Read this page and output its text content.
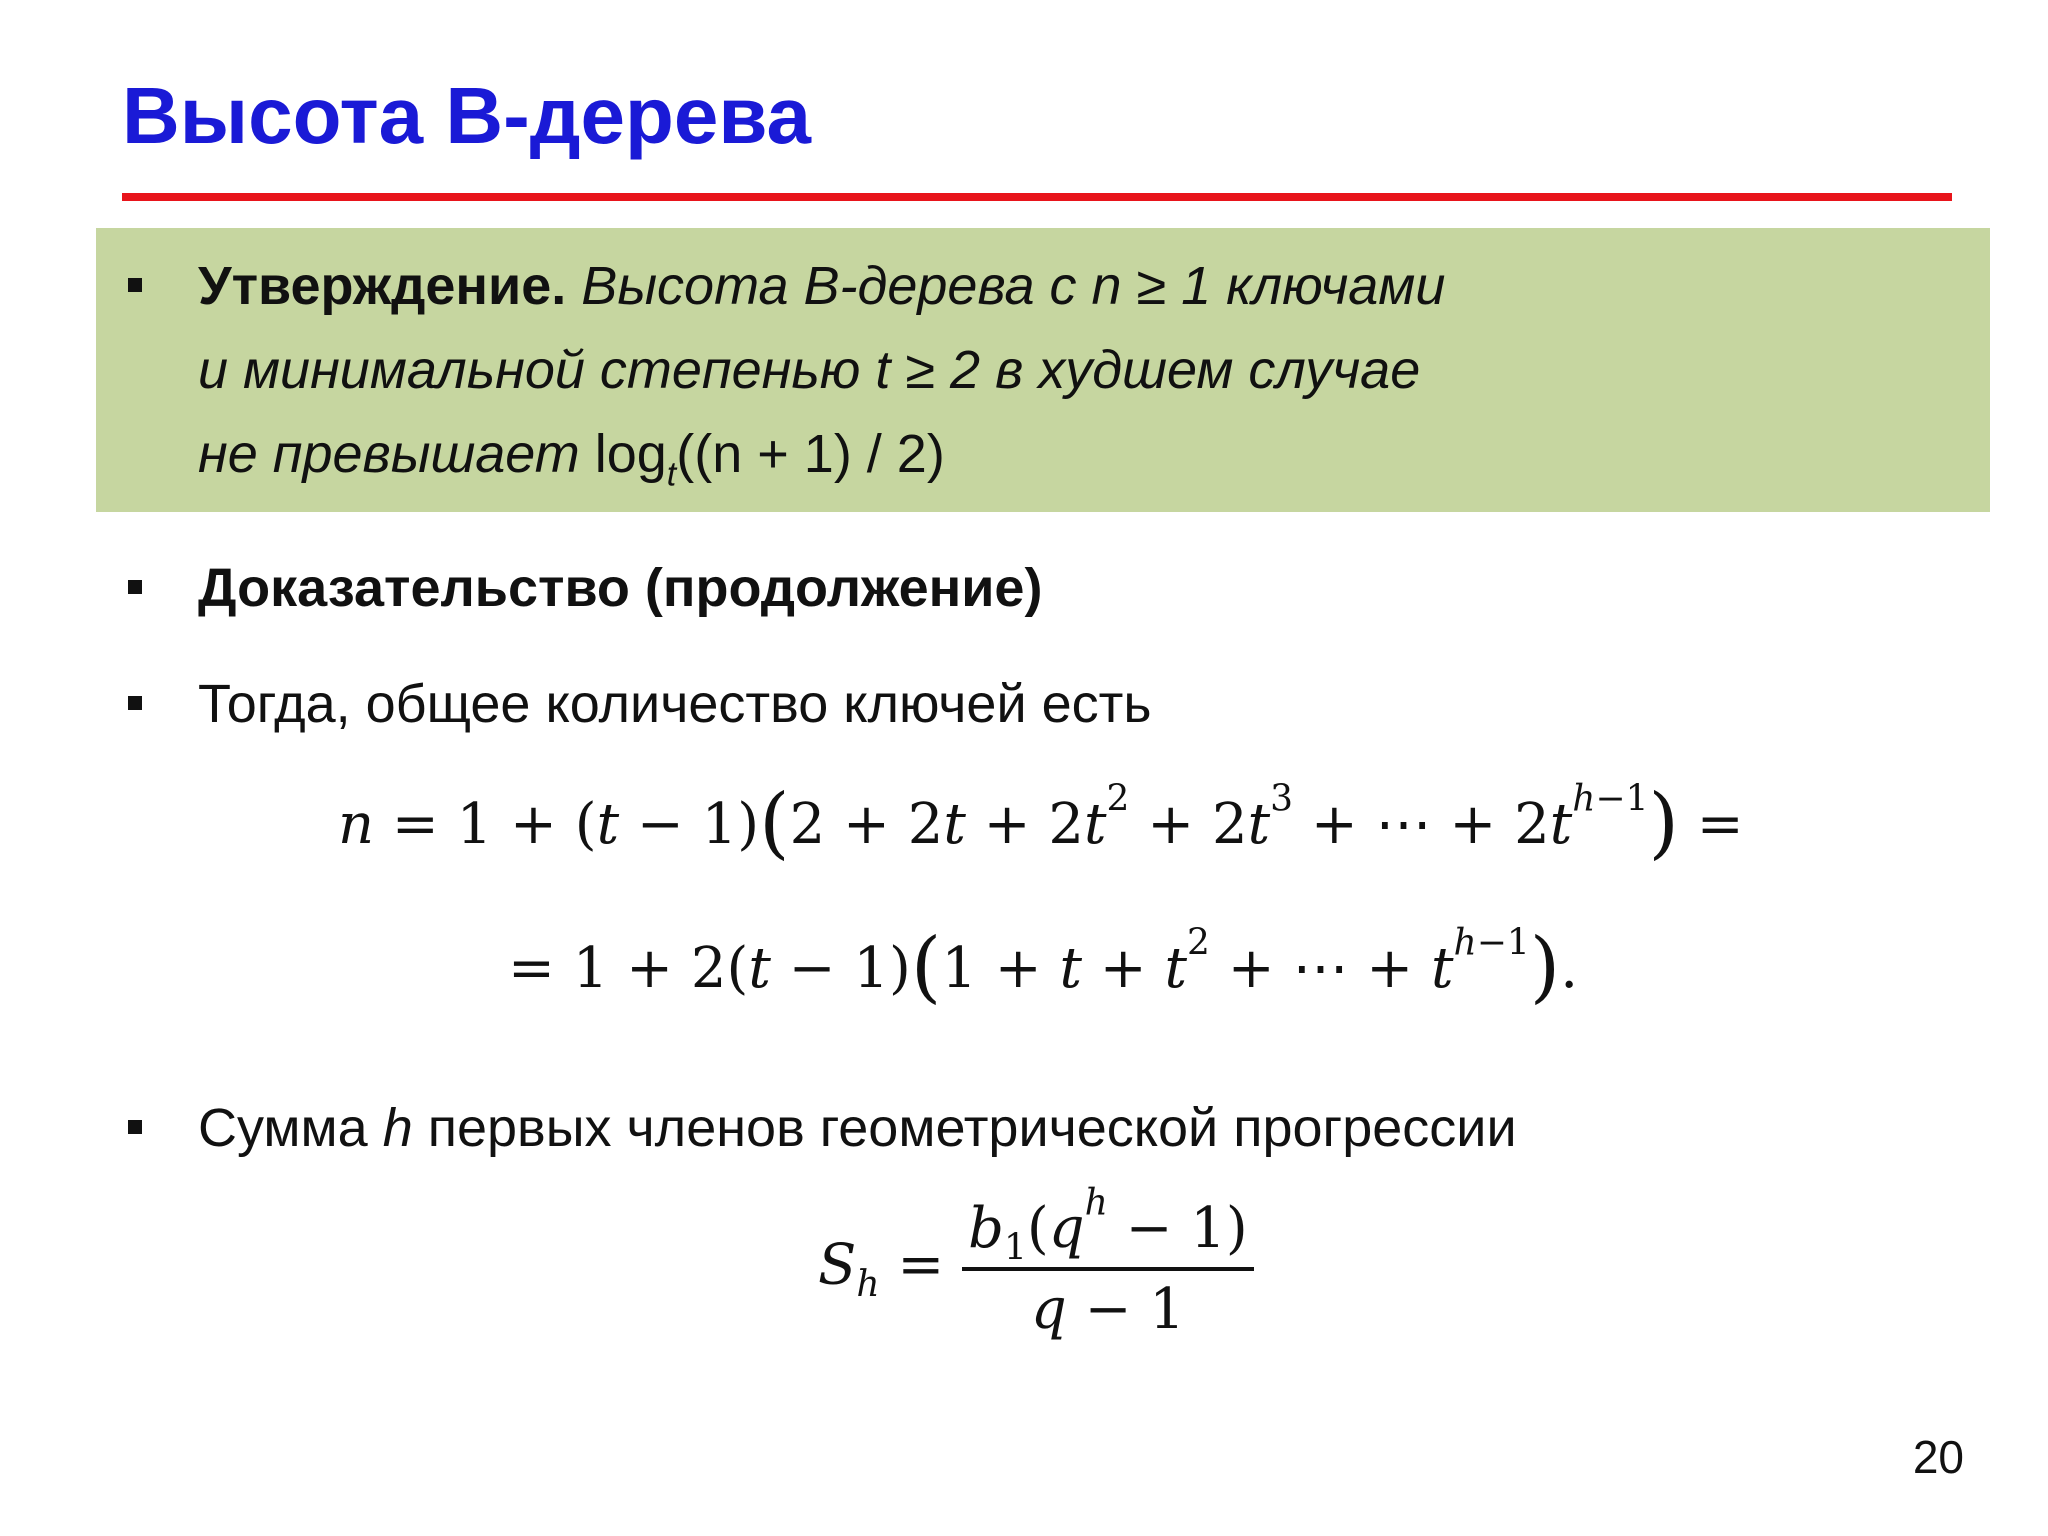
Высота B-дерева
Утверждение. Высота B-дерева с n ≥ 1 ключами
и минимальной степенью t ≥ 2 в худшем случае
не превышает $\log_t((n + 1) / 2)$
Доказательство (продолжение)
Тогда, общее количество ключей есть
$n = 1 + (t - 1)(2 + 2t + 2t^2 + 2t^3$ + ⋯ + $2t^{h-1}$) =
= $1 + 2(t - 1)(1 + t + t^2$ + ⋯ + $t^{h-1}$).
Сумма h первых членов геометрической прогрессии
$S_h = \frac{b_1(q^h - 1)}{q - 1}$
20
